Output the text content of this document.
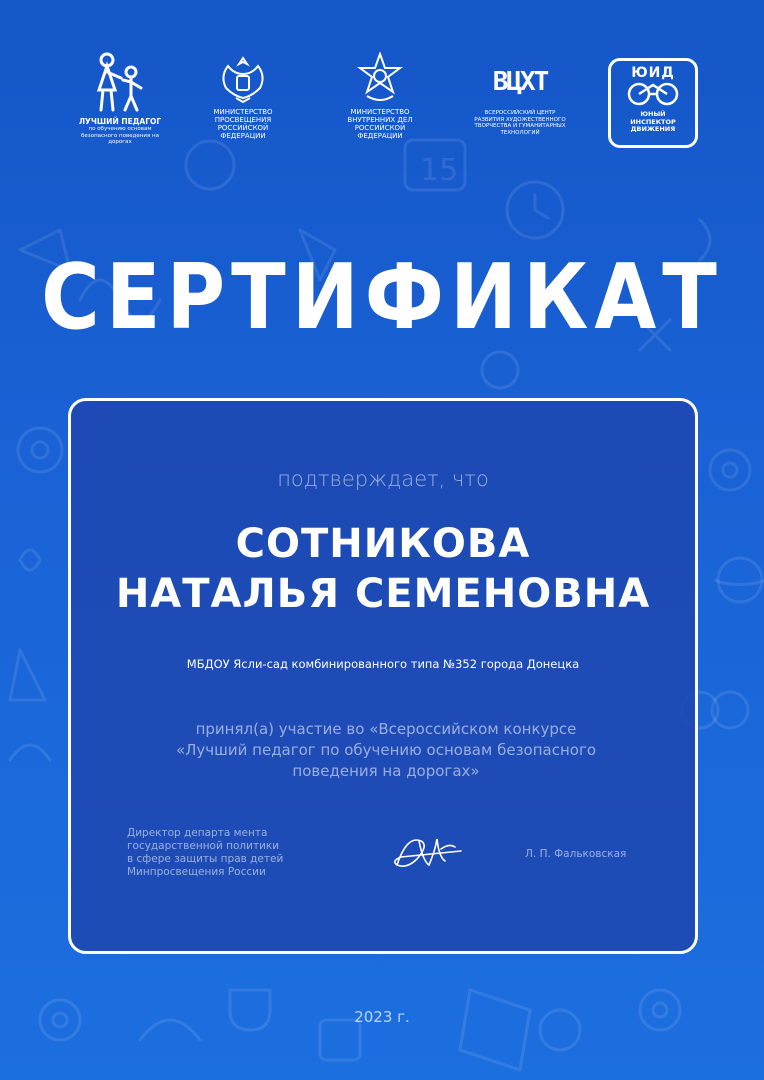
15
ЛУЧШИЙ ПЕДАГОГ
по обучению основам безопасного поведения на дорогах
МИНИСТЕРСТВО
ПРОСВЕЩЕНИЯ
РОССИЙСКОЙ
ФЕДЕРАЦИИ
МИНИСТЕРСТВО
ВНУТРЕННИХ ДЕЛ
РОССИЙСКОЙ
ФЕДЕРАЦИИ
ВЦХТ
ВСЕРОССИЙСКИЙ ЦЕНТР
РАЗВИТИЯ ХУДОЖЕСТВЕННОГО
ТВОРЧЕСТВА И ГУМАНИТАРНЫХ
ТЕХНОЛОГИЙ
ЮИД
ЮНЫЙ
ИНСПЕКТОР
ДВИЖЕНИЯ
СЕРТИФИКАТ
подтверждает, что
СОТНИКОВА
НАТАЛЬЯ СЕМЕНОВНА
МБДОУ Ясли-сад комбинированного типа №352 города Донецка
принял(а) участие во «Всероссийском конкурсе
«Лучший педагог по обучению основам безопасного
поведения на дорогах»
Директор департа мента
государственной политики
в сфере защиты прав детей
Минпросвещения России
Л. П. Фальковская
2023 г.
